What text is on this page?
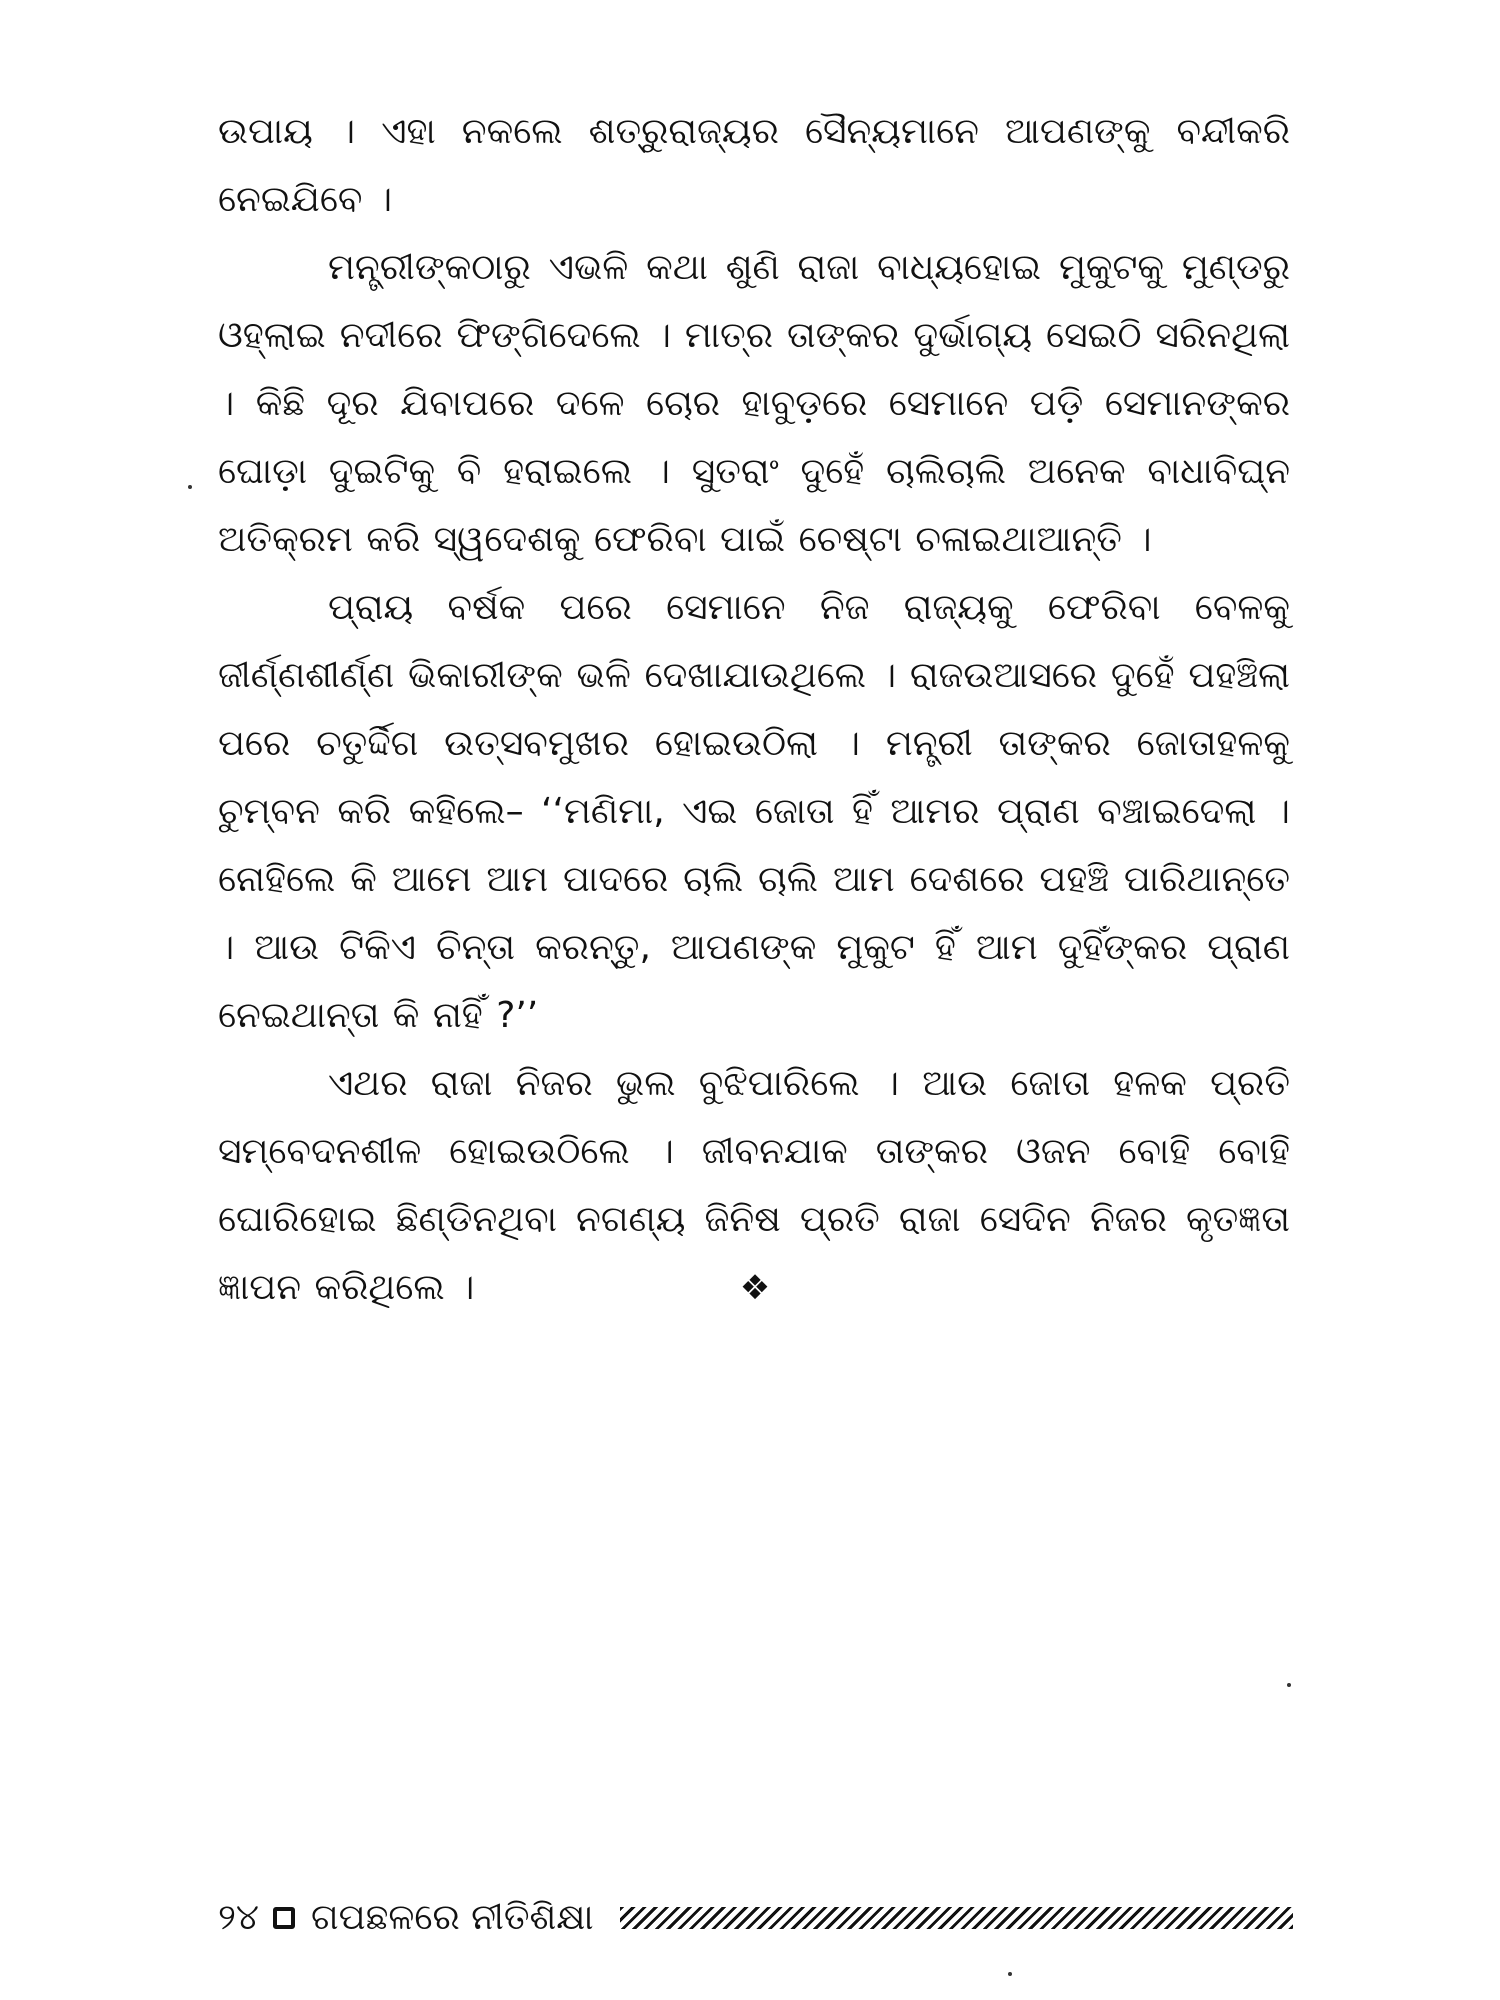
ଉପାୟ । ଏହା ନକଲେ ଶତ୍ରୁରାଜ୍ୟର ସୈନ୍ୟମାନେ ଆପଣଙ୍କୁ ବନ୍ଦୀକରି ନେଇଯିବେ ।

ମନ୍ତ୍ରୀଙ୍କଠାରୁ ଏଭଳି କଥା ଶୁଣି ରାଜା ବାଧ୍ୟହୋଇ ମୁକୁଟକୁ ମୁଣ୍ଡରୁ ଓହ୍ଲାଇ ନଦୀରେ ଫିଙ୍ଗିଦେଲେ । ମାତ୍ର ତାଙ୍କର ଦୁର୍ଭାଗ୍ୟ ସେଇଠି ସରିନଥିଲା । କିଛି ଦୂର ଯିବାପରେ ଦଳେ ଚୋର ହାବୁଡ଼ରେ ସେମାନେ ପଡ଼ି ସେମାନଙ୍କର ଘୋଡ଼ା ଦୁଇଟିକୁ ବି ହରାଇଲେ । ସୁତରାଂ ଦୁହେଁ ଚାଲିଚାଲି ଅନେକ ବାଧାବିଘ୍ନ ଅତିକ୍ରମ କରି ସ୍ୱଦେଶକୁ ଫେରିବା ପାଇଁ ଚେଷ୍ଟା ଚଳାଇଥାଆନ୍ତି ।

ପ୍ରାୟ ବର୍ଷକ ପରେ ସେମାନେ ନିଜ ରାଜ୍ୟକୁ ଫେରିବା ବେଳକୁ ଜୀର୍ଣ୍ଣଶୀର୍ଣ୍ଣ ଭିକାରୀଙ୍କ ଭଳି ଦେଖାଯାଉଥିଲେ । ରାଜଉଆସରେ ଦୁହେଁ ପହଞ୍ଚିଲା ପରେ ଚତୁର୍ଦ୍ଦିଗ ଉତ୍ସବମୁଖର ହୋଇଉଠିଲା । ମନ୍ତ୍ରୀ ତାଙ୍କର ଜୋତାହଳକୁ ଚୁମ୍ବନ କରି କହିଲେ– ‘‘ମଣିମା, ଏଇ ଜୋତା ହିଁ ଆମର ପ୍ରାଣ ବଞ୍ଚାଇଦେଲା । ନୋହିଲେ କି ଆମେ ଆମ ପାଦରେ ଚାଲି ଚାଲି ଆମ ଦେଶରେ ପହଞ୍ଚି ପାରିଥାନ୍ତେ । ଆଉ ଟିକିଏ ଚିନ୍ତା କରନ୍ତୁ, ଆପଣଙ୍କ ମୁକୁଟ ହିଁ ଆମ ଦୁହିଁଙ୍କର ପ୍ରାଣ ନେଇଥାନ୍ତା କି ନାହିଁ ?’’

ଏଥର ରାଜା ନିଜର ଭୁଲ ବୁଝିପାରିଲେ । ଆଉ ଜୋତା ହଳକ ପ୍ରତି ସମ୍ବେଦନଶୀଳ ହୋଇଉଠିଲେ । ଜୀବନଯାକ ତାଙ୍କର ଓଜନ ବୋହି ବୋହି ଘୋରିହୋଇ ଛିଣ୍ଡିନଥିବା ନଗଣ୍ୟ ଜିନିଷ ପ୍ରତି ରାଜା ସେଦିନ ନିଜର କୃତଜ୍ଞତା ଜ୍ଞାପନ କରିଥିଲେ ।	❖
୨୪ ଗପଛଳରେ ନୀତିଶିକ୍ଷା
